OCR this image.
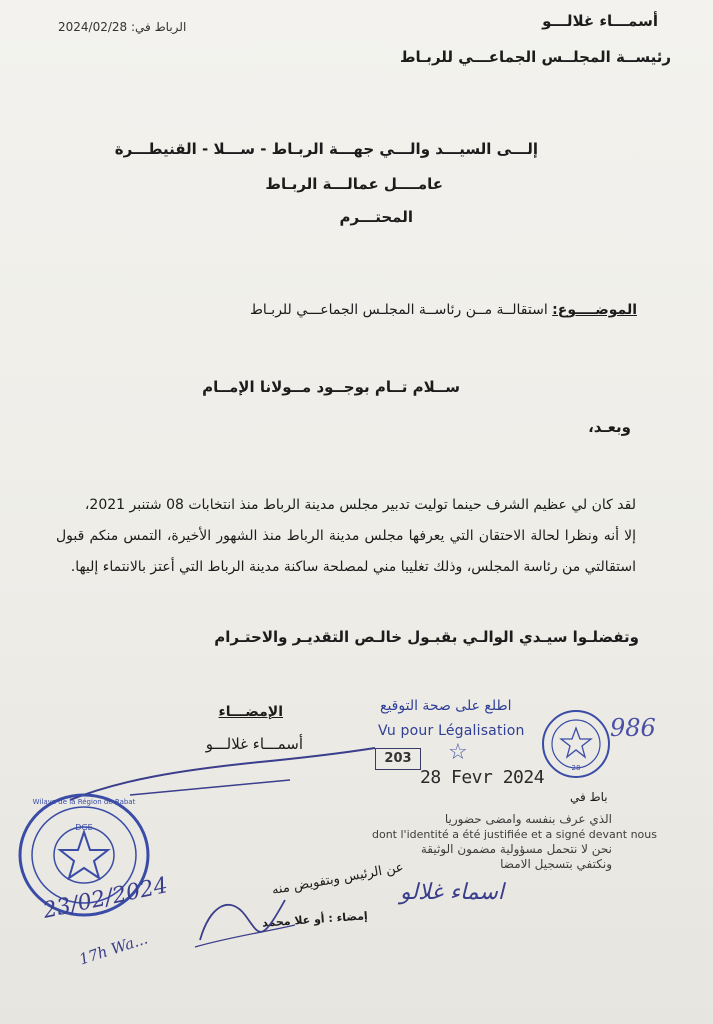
الرباط في: 2024/02/28	أسمـــاء غلالـــو
رئيســة المجلــس الجماعـــي للربـاط
إلـــى السيـــد والـــي جهـــة الربـاط - ســـلا - القنيطـــرة
عامــــل عمالـــة الربـاط
المحتـــرم
الموضــــوع: استقالــة مــن رئاســة المجلـس الجماعـــي للربـاط
ســلام تــام بوجــود مــولانا الإمــام
وبعـد،

لقد كان لي عظيم الشرف حينما توليت تدبير مجلس مدينة الرباط منذ انتخابات 08 شتنبر 2021،

إلا أنه ونظرا لحالة الاحتقان التي يعرفها مجلس مدينة الرباط منذ الشهور الأخيرة، التمس منكم قبول استقالتي من رئاسة المجلس، وذلك تغليبا مني لمصلحة ساكنة مدينة الرباط التي أعتز بالانتماء إليها.

وتفضلـوا سيـدي الوالـي بقبـول خالـص التقديـر والاحتـرام
الإمضـــاء
أسمـــاء غلالـــو
DGE
Wilaya de la Région de Rabat
28
اطلع على صحة التوقيع
Vu pour Légalisation
203	☆
28 Fevr 2024
باط في
986
الذي عرف بنفسه وامضى حضوريا
dont l'identité a été justifiée et a signé devant nous
نحن لا نتحمل مسؤولية مضمون الوثيقة
ونكتفي بتسجيل الامضا
اسماء غلالو
عن الرئيس وبتفويض منه
إمضاء : أو علا محمد
23/02/2024
17h Wa...
